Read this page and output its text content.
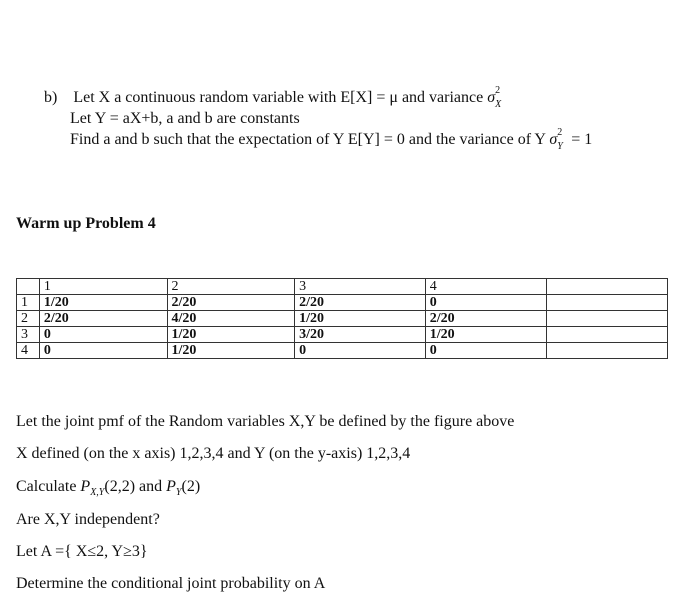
b) Let X a continuous random variable with E[X] = μ and variance σ 2
X
Let Y = aX+b, a and b are constants
Find a and b such that the expectation of Y E[Y] = 0 and the variance of Y σ 2
Y = 1
Warm up Problem 4
	1	2	3	4	
1	1/20	2/20	2/20	0	
2	2/20	4/20	1/20	2/20	
3	0	1/20	3/20	1/20	
4	0	1/20	0	0	
Let the joint pmf of the Random variables X,Y be defined by the figure above
X defined (on the x axis) 1,2,3,4 and Y (on the y-axis) 1,2,3,4
Calculate $P_{X,Y}(2,2)$ and $P_Y(2)$
Are X,Y independent?
Let A ={ X≤2, Y≥3}
Determine the conditional joint probability on A
